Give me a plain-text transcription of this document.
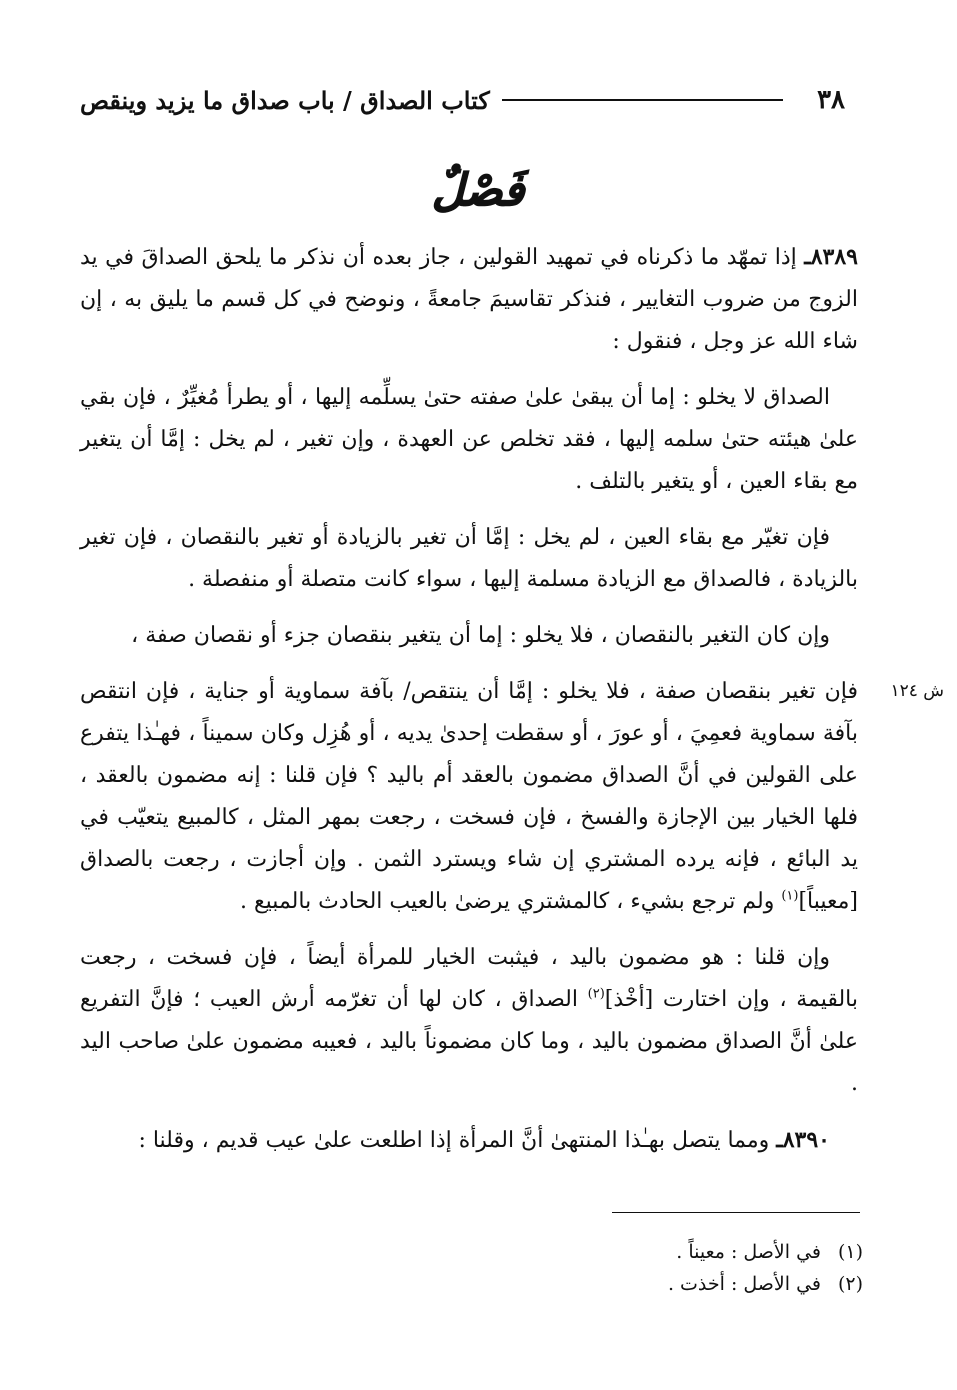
٣٨
كتاب الصداق / باب صداق ما يزيد وينقص
فَصْلٌ
ش ١٢٤

٨٣٨٩ـ إذا تمهّد ما ذكرناه في تمهيد القولين ، جاز بعده أن نذكر ما يلحق الصداقَ في يد الزوج من ضروب التغايير ، فنذكر تقاسيمَ جامعةً ، ونوضح في كل قسم ما يليق به ، إن شاء الله عز وجل ، فنقول :

الصداق لا يخلو : إما أن يبقىٰ علىٰ صفته حتىٰ يسلِّمه إليها ، أو يطرأ مُغيِّرٌ ، فإن بقي علىٰ هيئته حتىٰ سلمه إليها ، فقد تخلص عن العهدة ، وإن تغير ، لم يخل : إمَّا أن يتغير مع بقاء العين ، أو يتغير بالتلف .

فإن تغيّر مع بقاء العين ، لم يخل : إمَّا أن تغير بالزيادة أو تغير بالنقصان ، فإن تغير بالزيادة ، فالصداق مع الزيادة مسلمة إليها ، سواء كانت متصلة أو منفصلة .

وإن كان التغير بالنقصان ، فلا يخلو : إما أن يتغير بنقصان جزء أو نقصان صفة ،

فإن تغير بنقصان صفة ، فلا يخلو : إمَّا أن ينتقص/ بآفة سماوية أو جناية ، فإن انتقص بآفة سماوية فعمِيَ ، أو عورَ ، أو سقطت إحدىٰ يديه ، أو هُزِل وكان سميناً ، فهـٰذا يتفرع على القولين في أنَّ الصداق مضمون بالعقد أم باليد ؟ فإن قلنا : إنه مضمون بالعقد ، فلها الخيار بين الإجازة والفسخ ، فإن فسخت ، رجعت بمهر المثل ، كالمبيع يتعيّب في يد البائع ، فإنه يرده المشتري إن شاء ويسترد الثمن . وإن أجازت ، رجعت بالصداق [معيباً]$^{(١)}$ ولم ترجع بشيء ، كالمشتري يرضىٰ بالعيب الحادث بالمبيع .

وإن قلنا : هو مضمون باليد ، فيثبت الخيار للمرأة أيضاً ، فإن فسخت ، رجعت بالقيمة ، وإن اختارت [أخْذ]$^{(٢)}$ الصداق ، كان لها أن تغرّمه أرش العيب ؛ فإنَّ التفريع علىٰ أنَّ الصداق مضمون باليد ، وما كان مضموناً باليد ، فعيبه مضمون علىٰ صاحب اليد .

٨٣٩٠ـ ومما يتصل بهـٰذا المنتهىٰ أنَّ المرأة إذا اطلعت علىٰ عيب قديم ، وقلنا :

(١)
في الأصل : معيناً .
(٢)
في الأصل : أخذت .
